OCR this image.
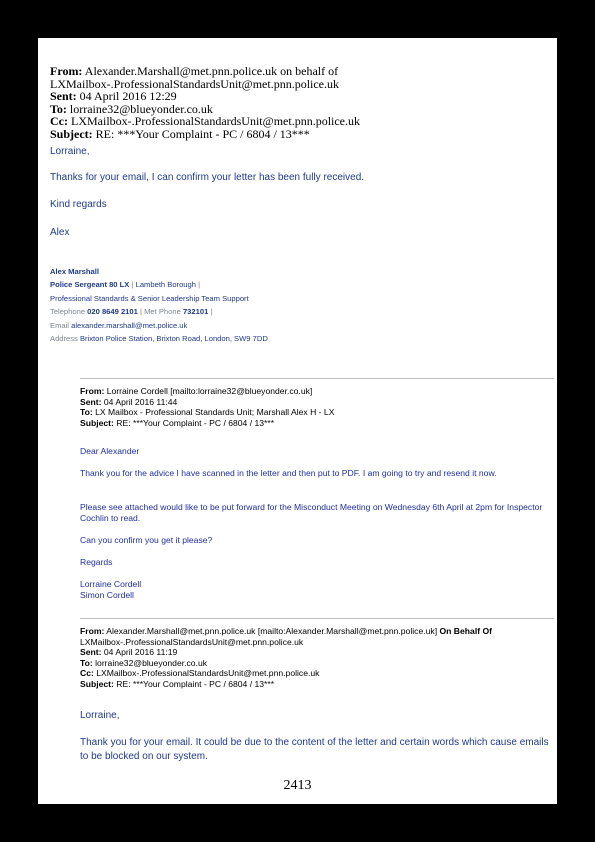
From: Alexander.Marshall@met.pnn.police.uk on behalf of
LXMailbox-.ProfessionalStandardsUnit@met.pnn.police.uk
Sent: 04 April 2016 12:29
To: lorraine32@blueyonder.co.uk
Cc: LXMailbox-.ProfessionalStandardsUnit@met.pnn.police.uk
Subject: RE: ***Your Complaint - PC / 6804 / 13***

Lorraine,

Thanks for your email, I can confirm your letter has been fully received.

Kind regards

Alex

Alex Marshall
Police Sergeant 80 LX | Lambeth Borough |
Professional Standards & Senior Leadership Team Support
Telephone 020 8649 2101 | Met Phone 732101 |
Email alexander.marshall@met.police.uk
Address Brixton Police Station, Brixton Road, London, SW9 7DD
From: Lorraine Cordell [mailto:lorraine32@blueyonder.co.uk]
Sent: 04 April 2016 11:44
To: LX Mailbox - Professional Standards Unit; Marshall Alex H - LX
Subject: RE: ***Your Complaint - PC / 6804 / 13***

Dear Alexander

Thank you for the advice I have scanned in the letter and then put to PDF. I am going to try and resend it now.

Please see attached would like to be put forward for the Misconduct Meeting on Wednesday 6th April at 2pm for Inspector Cochlin to read.

Can you confirm you get it please?

Regards

Lorraine Cordell

Simon Cordell

From: Alexander.Marshall@met.pnn.police.uk [mailto:Alexander.Marshall@met.pnn.police.uk] On Behalf Of LXMailbox-.ProfessionalStandardsUnit@met.pnn.police.uk
Sent: 04 April 2016 11:19
To: lorraine32@blueyonder.co.uk
Cc: LXMailbox-.ProfessionalStandardsUnit@met.pnn.police.uk
Subject: RE: ***Your Complaint - PC / 6804 / 13***

Lorraine,

Thank you for your email. It could be due to the content of the letter and certain words which cause emails to be blocked on our system.

2413
